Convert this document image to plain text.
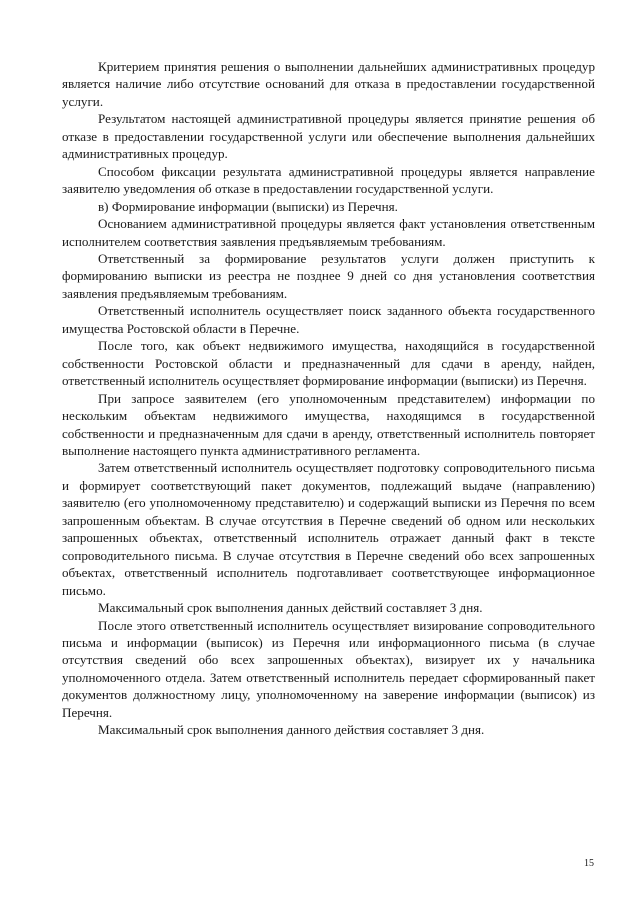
Критерием принятия решения о выполнении дальнейших административных процедур является наличие либо отсутствие оснований для отказа в предоставлении государственной услуги.

Результатом настоящей административной процедуры является принятие решения об отказе в предоставлении государственной услуги или обеспечение выполнения дальнейших административных процедур.

Способом фиксации результата административной процедуры является направление заявителю уведомления об отказе в предоставлении государственной услуги.

в) Формирование информации (выписки) из Перечня.

Основанием административной процедуры является факт установления ответственным исполнителем соответствия заявления предъявляемым требованиям.

Ответственный за формирование результатов услуги должен приступить к формированию выписки из реестра не позднее 9 дней со дня установления соответствия заявления предъявляемым требованиям.

Ответственный исполнитель осуществляет поиск заданного объекта государственного имущества Ростовской области в Перечне.

После того, как объект недвижимого имущества, находящийся в государственной собственности Ростовской области и предназначенный для сдачи в аренду, найден, ответственный исполнитель осуществляет формирование информации (выписки) из Перечня.

При запросе заявителем (его уполномоченным представителем) информации по нескольким объектам недвижимого имущества, находящимся в государственной собственности и предназначенным для сдачи в аренду, ответственный исполнитель повторяет выполнение настоящего пункта административного регламента.

Затем ответственный исполнитель осуществляет подготовку сопроводительного письма и формирует соответствующий пакет документов, подлежащий выдаче (направлению) заявителю (его уполномоченному представителю) и содержащий выписки из Перечня по всем запрошенным объектам. В случае отсутствия в Перечне сведений об одном или нескольких запрошенных объектах, ответственный исполнитель отражает данный факт в тексте сопроводительного письма. В случае отсутствия в Перечне сведений обо всех запрошенных объектах, ответственный исполнитель подготавливает соответствующее информационное письмо.

Максимальный срок выполнения данных действий составляет 3 дня.

После этого ответственный исполнитель осуществляет визирование сопроводительного письма и информации (выписок) из Перечня или информационного письма (в случае отсутствия сведений обо всех запрошенных объектах), визирует их у начальника уполномоченного отдела. Затем ответственный исполнитель передает сформированный пакет документов должностному лицу, уполномоченному на заверение информации (выписок) из Перечня.

Максимальный срок выполнения данного действия составляет 3 дня.

15
